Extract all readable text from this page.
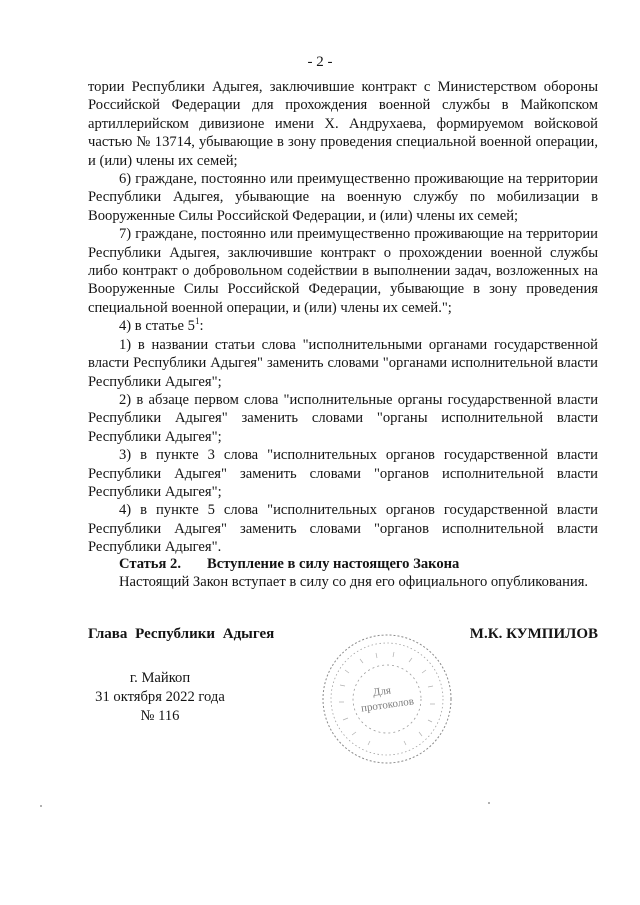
- 2 -

тории Республики Адыгея, заключившие контракт с Министерством обороны Российской Федерации для прохождения военной службы в Майкопском артиллерийском дивизионе имени Х. Андрухаева, формируемом войсковой частью № 13714, убывающие в зону проведения специальной военной операции, и (или) члены их семей;

6) граждане, постоянно или преимущественно проживающие на территории Республики Адыгея, убывающие на военную службу по мобилизации в Вооруженные Силы Российской Федерации, и (или) члены их семей;

7) граждане, постоянно или преимущественно проживающие на территории Республики Адыгея, заключившие контракт о прохождении военной службы либо контракт о добровольном содействии в выполнении задач, возложенных на Вооруженные Силы Российской Федерации, убывающие в зону проведения специальной военной операции, и (или) члены их семей.";

4) в статье $5^1$:

1) в названии статьи слова "исполнительными органами государственной власти Республики Адыгея" заменить словами "органами исполнительной власти Республики Адыгея";

2) в абзаце первом слова "исполнительные органы государственной власти Республики Адыгея" заменить словами "органы исполнительной власти Республики Адыгея";

3) в пункте 3 слова "исполнительных органов государственной власти Республики Адыгея" заменить словами "органов исполнительной власти Республики Адыгея";

4) в пункте 5 слова "исполнительных органов государственной власти Республики Адыгея" заменить словами "органов исполнительной власти Республики Адыгея".

Статья 2. Вступление в силу настоящего Закона

Настоящий Закон вступает в силу со дня его официального опубликования.

Глава Республики Адыгея	М.К. КУМПИЛОВ
г. Майкоп
31 октября 2022 года
№ 116
Для
протоколов
